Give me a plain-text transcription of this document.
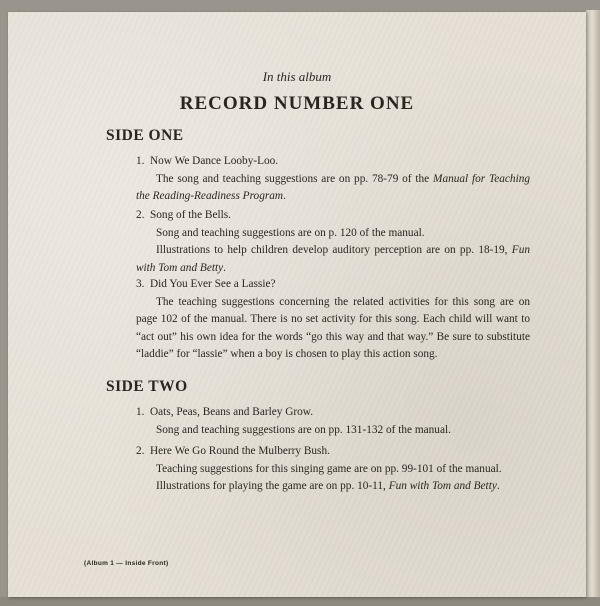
In this album
RECORD NUMBER ONE
SIDE ONE
1. Now We Dance Looby-Loo.

The song and teaching suggestions are on pp. 78-79 of the Manual for Teaching the Reading-Readiness Program.

2. Song of the Bells.

Song and teaching suggestions are on p. 120 of the manual.

Illustrations to help children develop auditory perception are on pp. 18-19, Fun with Tom and Betty.

3. Did You Ever See a Lassie?

The teaching suggestions concerning the related activities for this song are on page 102 of the manual. There is no set activity for this song. Each child will want to “act out” his own idea for the words “go this way and that way.” Be sure to substitute “laddie” for “lassie” when a boy is chosen to play this action song.

SIDE TWO
1. Oats, Peas, Beans and Barley Grow.

Song and teaching suggestions are on pp. 131-132 of the manual.

2. Here We Go Round the Mulberry Bush.

Teaching suggestions for this singing game are on pp. 99-101 of the manual.

Illustrations for playing the game are on pp. 10-11, Fun with Tom and Betty.

(Album 1 — Inside Front)
